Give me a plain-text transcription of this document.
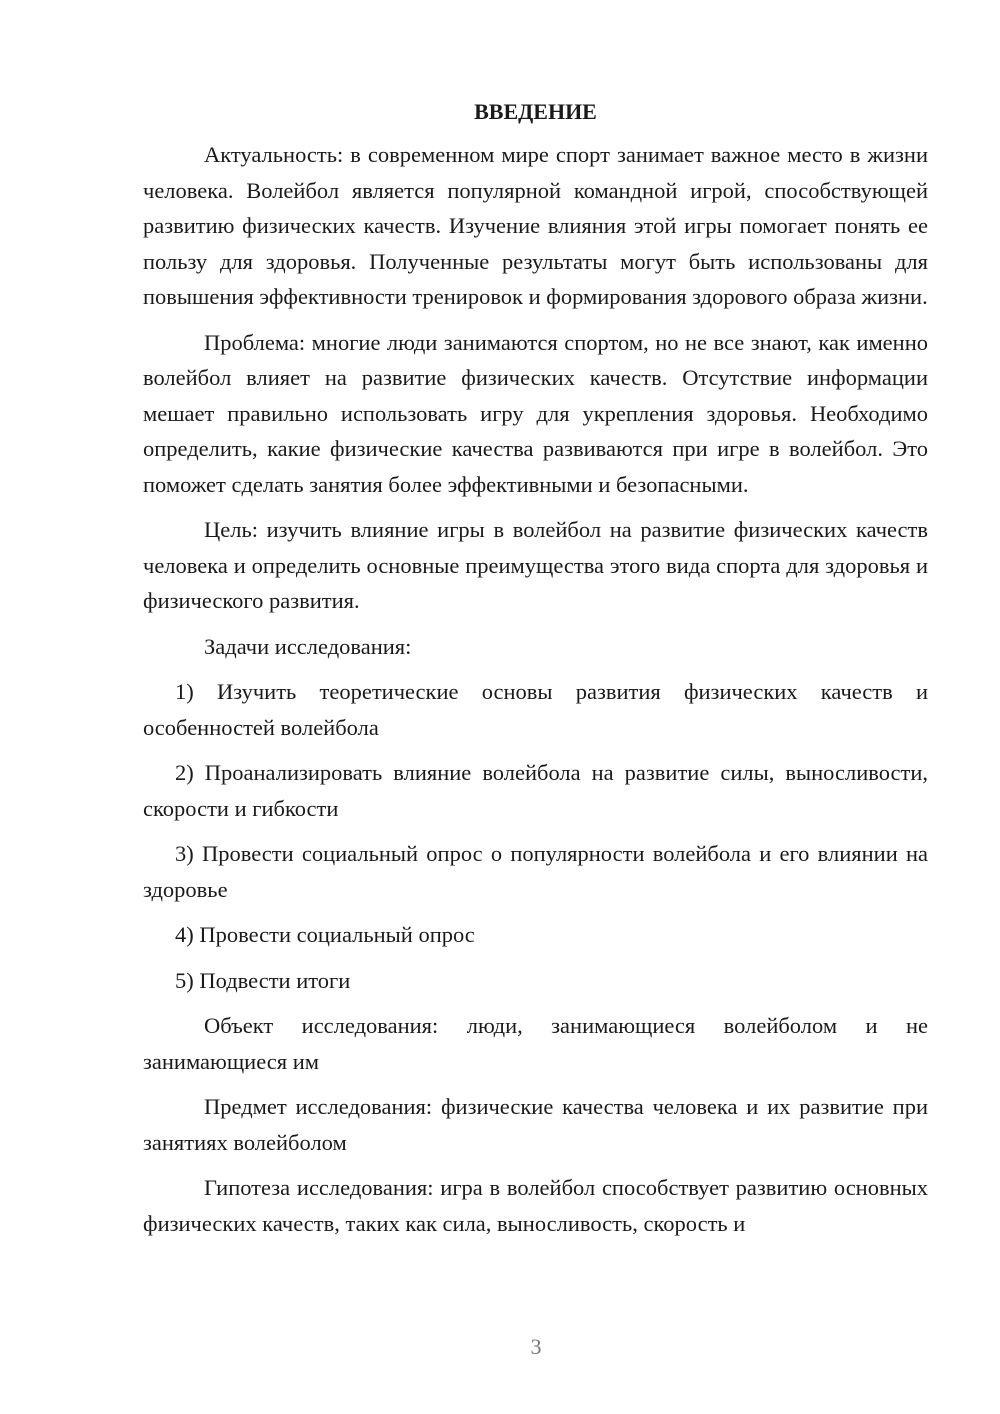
ВВЕДЕНИЕ

Актуальность: в современном мире спорт занимает важное место в жизни человека. Волейбол является популярной командной игрой, способствующей развитию физических качеств. Изучение влияния этой игры помогает понять ее пользу для здоровья. Полученные результаты могут быть использованы для повышения эффективности тренировок и формирования здорового образа жизни.

Проблема: многие люди занимаются спортом, но не все знают, как именно волейбол влияет на развитие физических качеств. Отсутствие информации мешает правильно использовать игру для укрепления здоровья. Необходимо определить, какие физические качества развиваются при игре в волейбол. Это поможет сделать занятия более эффективными и безопасными.

Цель: изучить влияние игры в волейбол на развитие физических качеств человека и определить основные преимущества этого вида спорта для здоровья и физического развития.

Задачи исследования:

1) Изучить теоретические основы развития физических качеств и особенностей волейбола

2) Проанализировать влияние волейбола на развитие силы, выносливости, скорости и гибкости

3) Провести социальный опрос о популярности волейбола и его влиянии на здоровье

4) Провести социальный опрос

5) Подвести итоги

Объект исследования: люди, занимающиеся волейболом и не занимающиеся им

Предмет исследования: физические качества человека и их развитие при занятиях волейболом

Гипотеза исследования: игра в волейбол способствует развитию основных физических качеств, таких как сила, выносливость, скорость и

3
